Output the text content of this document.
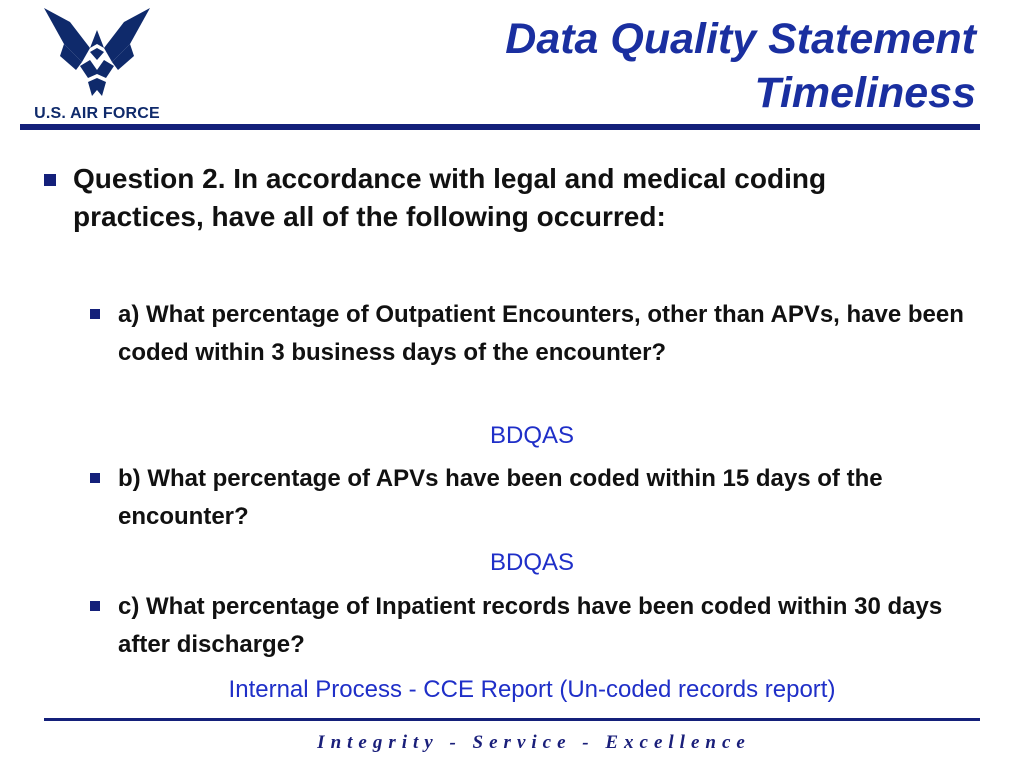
U.S. AIR FORCE
Data Quality Statement
Timeliness
Question 2. In accordance with legal and medical coding practices, have all of the following occurred:
a) What percentage of Outpatient Encounters, other than APVs, have been coded within 3 business days of the encounter?
BDQAS
b) What percentage of APVs have been coded within 15 days of the encounter?
BDQAS
c) What percentage of Inpatient records have been coded within 30 days after discharge?
Internal Process - CCE Report (Un-coded records report)
Integrity - Service - Excellence
